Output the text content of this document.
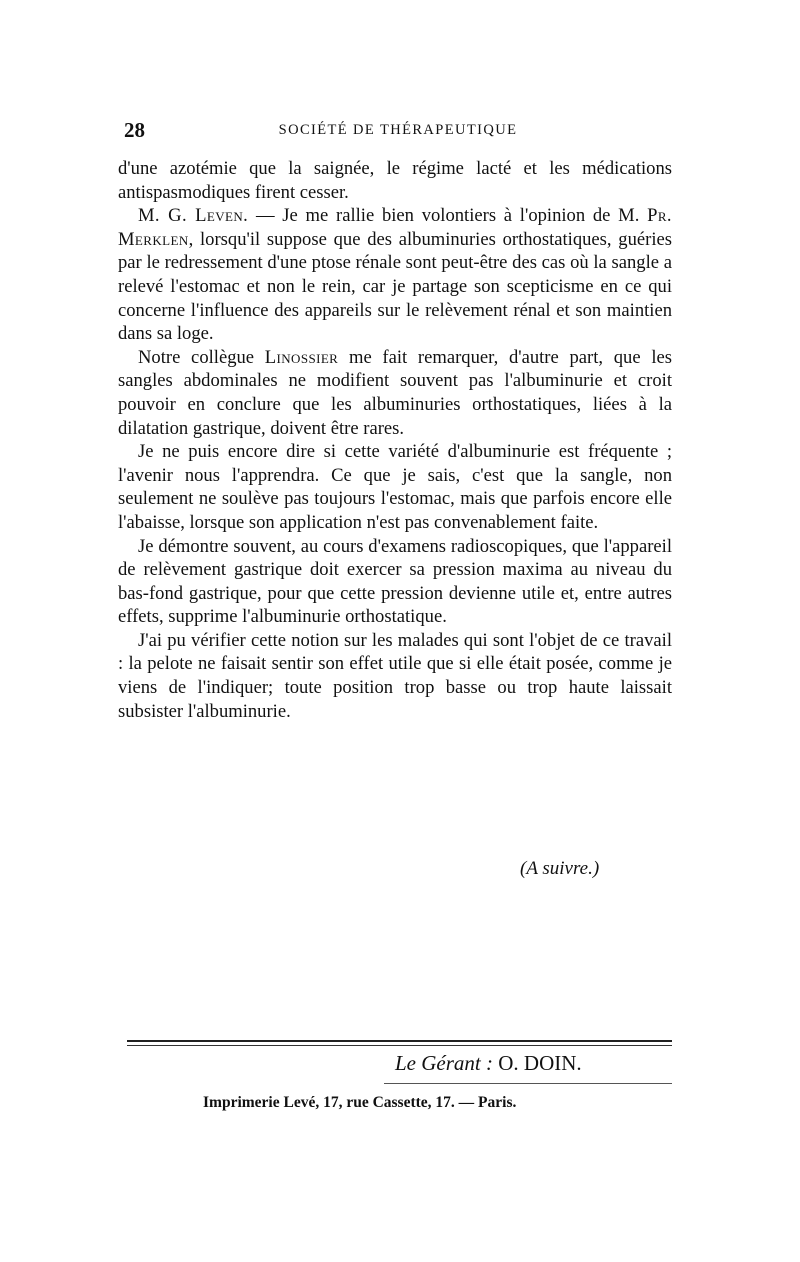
28	SOCIÉTÉ DE THÉRAPEUTIQUE

d'une azotémie que la saignée, le régime lacté et les médications antispasmodiques firent cesser.

M. G. Leven. — Je me rallie bien volontiers à l'opinion de M. Pr. Merklen, lorsqu'il suppose que des albuminuries orthostatiques, guéries par le redressement d'une ptose rénale sont peut-être des cas où la sangle a relevé l'estomac et non le rein, car je partage son scepticisme en ce qui concerne l'influence des appareils sur le relèvement rénal et son maintien dans sa loge.

Notre collègue Linossier me fait remarquer, d'autre part, que les sangles abdominales ne modifient souvent pas l'albuminurie et croit pouvoir en conclure que les albuminuries orthostatiques, liées à la dilatation gastrique, doivent être rares.

Je ne puis encore dire si cette variété d'albuminurie est fréquente ; l'avenir nous l'apprendra. Ce que je sais, c'est que la sangle, non seulement ne soulève pas toujours l'estomac, mais que parfois encore elle l'abaisse, lorsque son application n'est pas convenablement faite.

Je démontre souvent, au cours d'examens radioscopiques, que l'appareil de relèvement gastrique doit exercer sa pression maxima au niveau du bas-fond gastrique, pour que cette pression devienne utile et, entre autres effets, supprime l'albuminurie orthostatique.

J'ai pu vérifier cette notion sur les malades qui sont l'objet de ce travail : la pelote ne faisait sentir son effet utile que si elle était posée, comme je viens de l'indiquer; toute position trop basse ou trop haute laissait subsister l'albuminurie.

(A suivre.)
Le Gérant : O. DOIN.
Imprimerie Levé, 17, rue Cassette, 17. — Paris.
